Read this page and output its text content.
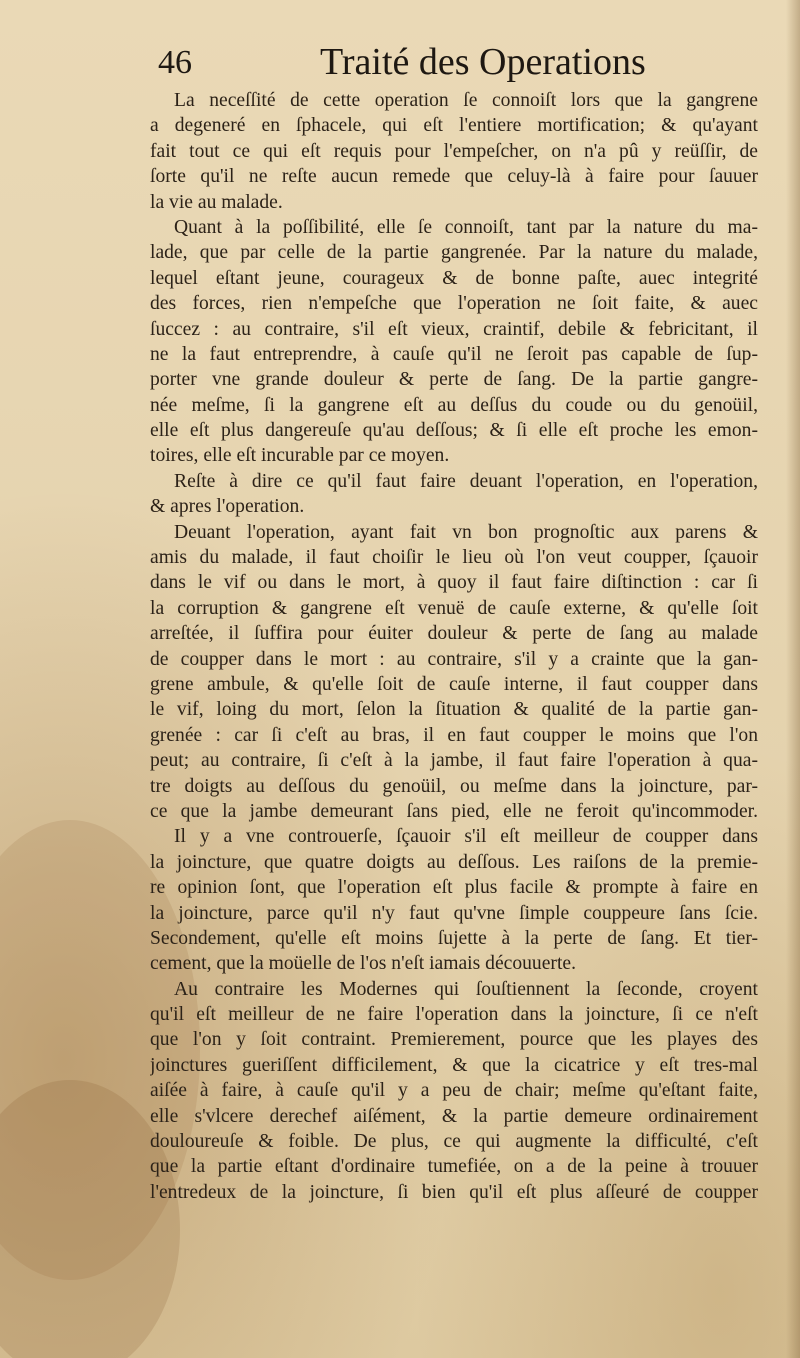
46	Traité des Operations
La neceſſité de cette operation ſe connoiſt lors que la gangrene
a degeneré en ſphacele, qui eſt l'entiere mortification; & qu'ayant
fait tout ce qui eſt requis pour l'empeſcher, on n'a pû y reüſſir, de
ſorte qu'il ne reſte aucun remede que celuy-là à faire pour ſauuer
la vie au malade.
Quant à la poſſibilité, elle ſe connoiſt, tant par la nature du ma-
lade, que par celle de la partie gangrenée. Par la nature du malade,
lequel eſtant jeune, courageux & de bonne paſte, auec integrité
des forces, rien n'empeſche que l'operation ne ſoit faite, & auec
ſuccez : au contraire, s'il eſt vieux, craintif, debile & febricitant, il
ne la faut entreprendre, à cauſe qu'il ne ſeroit pas capable de ſup-
porter vne grande douleur & perte de ſang. De la partie gangre-
née meſme, ſi la gangrene eſt au deſſus du coude ou du genoüil,
elle eſt plus dangereuſe qu'au deſſous; & ſi elle eſt proche les emon-
toires, elle eſt incurable par ce moyen.
Reſte à dire ce qu'il faut faire deuant l'operation, en l'operation,
& apres l'operation.
Deuant l'operation, ayant fait vn bon prognoſtic aux parens &
amis du malade, il faut choiſir le lieu où l'on veut coupper, ſçauoir
dans le vif ou dans le mort, à quoy il faut faire diſtinction : car ſi
la corruption & gangrene eſt venuë de cauſe externe, & qu'elle ſoit
arreſtée, il ſuffira pour éuiter douleur & perte de ſang au malade
de coupper dans le mort : au contraire, s'il y a crainte que la gan-
grene ambule, & qu'elle ſoit de cauſe interne, il faut coupper dans
le vif, loing du mort, ſelon la ſituation & qualité de la partie gan-
grenée : car ſi c'eſt au bras, il en faut coupper le moins que l'on
peut; au contraire, ſi c'eſt à la jambe, il faut faire l'operation à qua-
tre doigts au deſſous du genoüil, ou meſme dans la joincture, par-
ce que la jambe demeurant ſans pied, elle ne feroit qu'incommoder.
Il y a vne controuerſe, ſçauoir s'il eſt meilleur de coupper dans
la joincture, que quatre doigts au deſſous. Les raiſons de la premie-
re opinion ſont, que l'operation eſt plus facile & prompte à faire en
la joincture, parce qu'il n'y faut qu'vne ſimple couppeure ſans ſcie.
Secondement, qu'elle eſt moins ſujette à la perte de ſang. Et tier-
cement, que la moüelle de l'os n'eſt iamais découuerte.
Au contraire les Modernes qui ſouſtiennent la ſeconde, croyent
qu'il eſt meilleur de ne faire l'operation dans la joincture, ſi ce n'eſt
que l'on y ſoit contraint. Premierement, pource que les playes des
joinctures gueriſſent difficilement, & que la cicatrice y eſt tres-mal
aiſée à faire, à cauſe qu'il y a peu de chair; meſme qu'eſtant faite,
elle s'vlcere derechef aiſément, & la partie demeure ordinairement
douloureuſe & foible. De plus, ce qui augmente la difficulté, c'eſt
que la partie eſtant d'ordinaire tumefiée, on a de la peine à trouuer
l'entredeux de la joincture, ſi bien qu'il eſt plus aſſeuré de coupper
